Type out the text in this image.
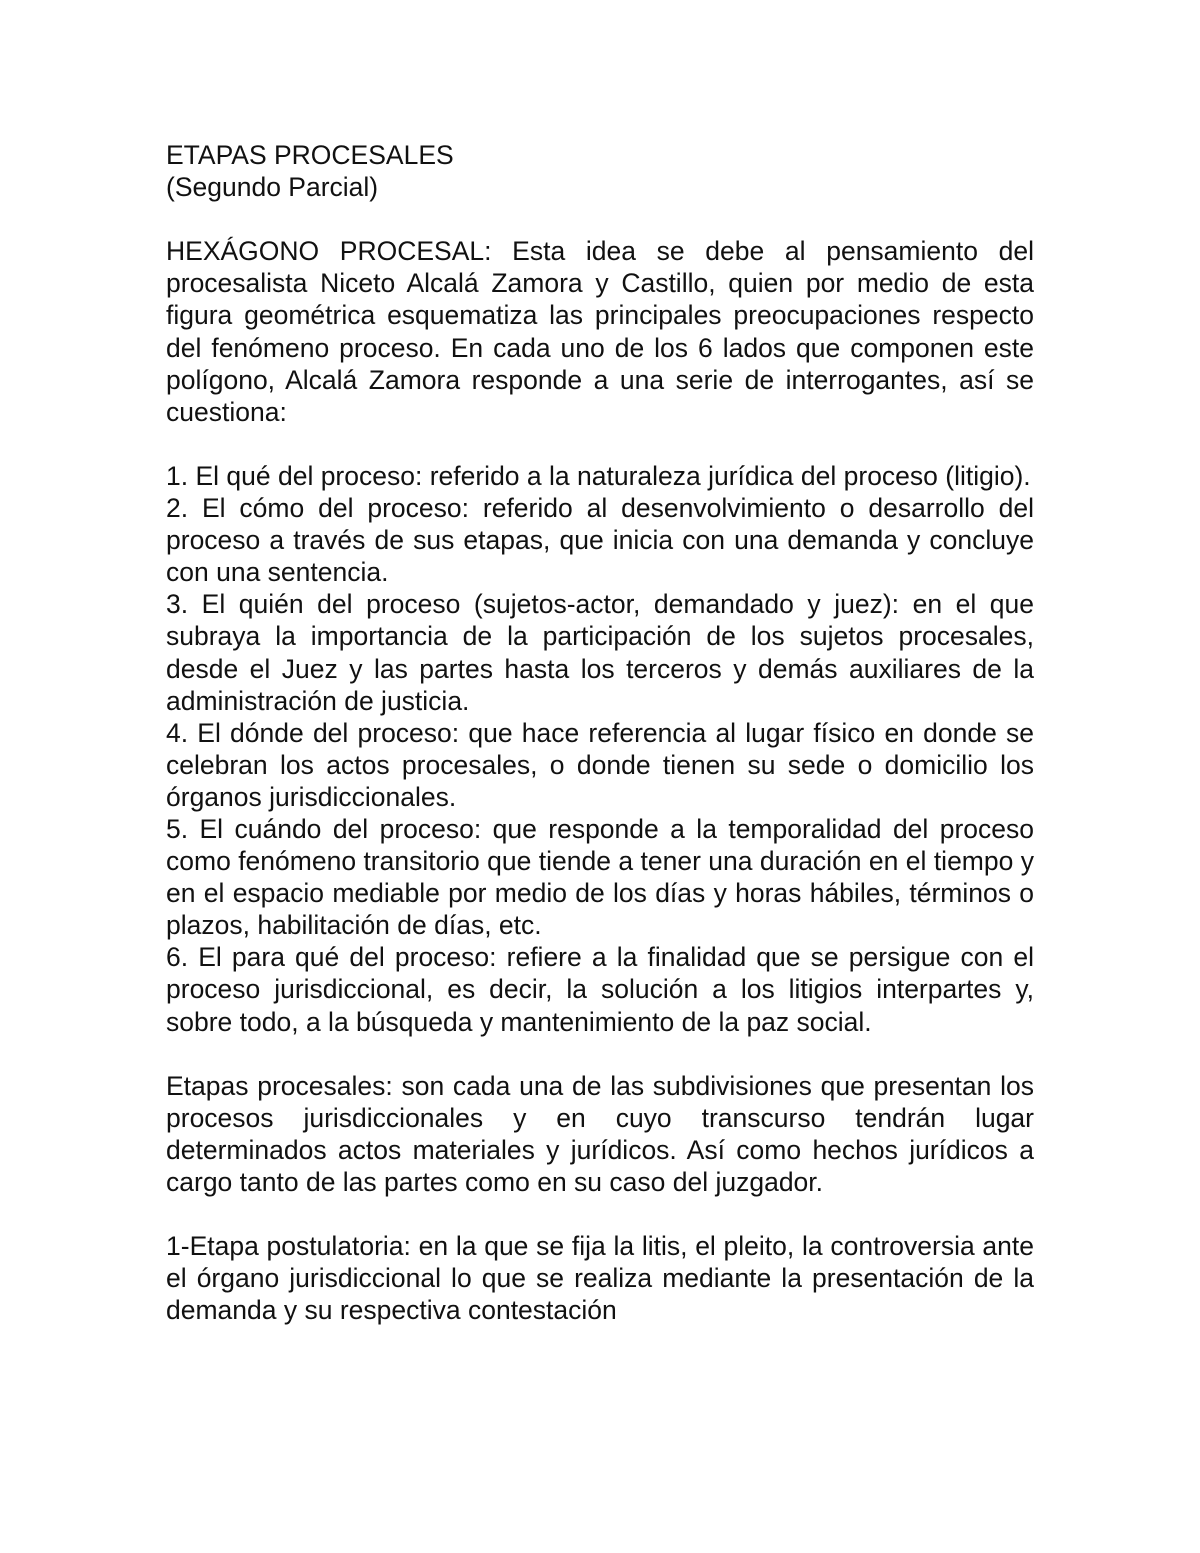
ETAPAS PROCESALES

(Segundo Parcial)

HEXÁGONO PROCESAL: Esta idea se debe al pensamiento del procesalista Niceto Alcalá Zamora y Castillo, quien por medio de esta figura geométrica esquematiza las principales preocupaciones respecto del fenómeno proceso. En cada uno de los 6 lados que componen este polígono, Alcalá Zamora responde a una serie de interrogantes, así se cuestiona:

1. El qué del proceso: referido a la naturaleza jurídica del proceso (litigio).

2. El cómo del proceso: referido al desenvolvimiento o desarrollo del proceso a través de sus etapas, que inicia con una demanda y concluye con una sentencia.

3. El quién del proceso (sujetos-actor, demandado y juez): en el que subraya la importancia de la participación de los sujetos procesales, desde el Juez y las partes hasta los terceros y demás auxiliares de la administración de justicia.

4. El dónde del proceso: que hace referencia al lugar físico en donde se celebran los actos procesales, o donde tienen su sede o domicilio los órganos jurisdiccionales.

5. El cuándo del proceso: que responde a la temporalidad del proceso como fenómeno transitorio que tiende a tener una duración en el tiempo y en el espacio mediable por medio de los días y horas hábiles, términos o plazos, habilitación de días, etc.

6. El para qué del proceso: refiere a la finalidad que se persigue con el proceso jurisdiccional, es decir, la solución a los litigios interpartes y, sobre todo, a la búsqueda y mantenimiento de la paz social.

Etapas procesales: son cada una de las subdivisiones que presentan los procesos jurisdiccionales y en cuyo transcurso tendrán lugar determinados actos materiales y jurídicos. Así como hechos jurídicos a cargo tanto de las partes como en su caso del juzgador.

1-Etapa postulatoria: en la que se fija la litis, el pleito, la controversia ante el órgano jurisdiccional lo que se realiza mediante la presentación de la demanda y su respectiva contestación
